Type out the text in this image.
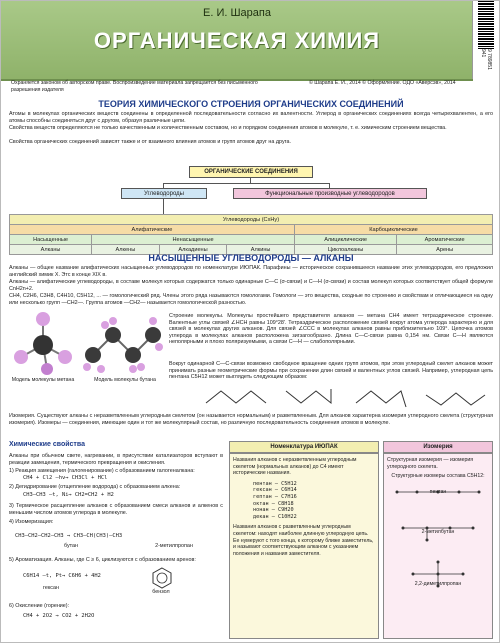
Е. И. Шарапа
ОРГАНИЧЕСКАЯ ХИМИЯ
9 789851 941
Охраняется законом об авторском праве. Воспроизведение материала запрещается без письменного разрешения издателя
© Шарапа Е. И., 2014 © Оформление. ОДО «Аверсэв», 2014
ТЕОРИЯ ХИМИЧЕСКОГО СТРОЕНИЯ ОРГАНИЧЕСКИХ СОЕДИНЕНИЙ
Атомы в молекулах органических веществ соединены в определенной последовательности согласно их валентности. Углерод в органических соединениях всегда четырехвалентен, а его атомы способны соединяться друг с другом, образуя различные цепи.
Свойства веществ определяются не только качественным и количественным составом, но и порядком соединения атомов в молекуле, т. е. химическим строением вещества.
Свойства органических соединений зависят также и от взаимного влияния атомов и групп атомов друг на друга.
ОРГАНИЧЕСКИЕ СОЕДИНЕНИЯ
Углеводороды	Функциональные производные углеводородов
Углеводороды (CxHy)					
Алифатические				Карбоциклические	
Насыщенные	Ненасыщенные			Алициклические	Ароматические
Алканы	Алкены	Алкадиены	Алкины	Циклоалканы	Арены
НАСЫЩЕННЫЕ УГЛЕВОДОРОДЫ — АЛКАНЫ
Алканы — общее название алифатических насыщенных углеводородов по номенклатуре ИЮПАК. Парафины — историческое сохранившееся название этих углеводородов, его предложил английский химик Х. Этс в конце XIX в.
Алканы — алифатические углеводороды, в составе молекул которых содержатся только одинарные C—C (σ-связи) и C—H (σ-связи) и состав молекул которых соответствует общей формуле CnH2n+2.
CH4, C2H6, C3H8, C4H10, C5H12, ... — гомологический ряд. Члены этого ряда называются гомологами. Гомологи — это вещества, сходные по строению и свойствам и отличающиеся на одну или несколько групп —CH2—. Группа атомов —CH2— называется гомологической разностью.
Модель молекулы метана	Модель молекулы бутана
Строение молекулы. Молекулы простейшего представителя алканов — метана CH4 имеет тетраэдрическое строение. Валентные углы связей ∠HCH равны 109°28'. Тетраэдрическое расположение связей вокруг атома углерода характерно и для связей в молекулах других алканов. Для связей ∠CCC в молекулах алканов равны приблизительно 109°. Цепочка атомов углерода в молекулах алканов расположена зигзагообразно. Длина C—C-связи равна 0,154 нм. Связи C—H являются неполярными и плохо поляризуемыми, а связи C—H — слабополярными.
Вокруг одинарной C—C-связи возможно свободное вращение одних групп атомов, при этом углеродный скелет алканов может принимать разные геометрические формы при сохранении длин связей и валентных углов связей. Например, углеродная цепь пентана C5H12 может выглядеть следующим образом:
Изомерия. Существуют алканы с неразветвленным углеродным скелетом (он называется нормальным) и разветвленным. Для алканов характерна изомерия углеродного скелета (структурная изомерия). Изомеры — соединения, имеющие один и тот же молекулярный состав, но различную последовательность соединения атомов в молекуле.
Химические свойства
Алканы при обычном свете, нагревании, в присутствии катализаторов вступают в реакции замещения, термического превращения и окисления.
1) Реакция замещения (галогенирование) с образованием галогеналкана:
CH4 + Cl2 —hν→ CH3Cl + HCl
2) Дегидрирование (отщепление водорода) с образованием алкена:
CH3—CH3 —t, Ni→ CH2=CH2 + H2
3) Термическое расщепление алканов с образованием смеси алканов и алкенов с меньшим числом атомов углерода в молекуле.
4) Изомеризация:
CH3—CH2—CH2—CH3 → CH3—CH(CH3)—CH3
бутан	2-метилпропан
5) Ароматизация. Алканы, где C ≥ 6, циклизуются с образованием аренов:
C6H14 —t, Pt→ C6H6 + 4H2
гексан
бензол
6) Окисление (горение):
CH4 + 2O2 → CO2 + 2H2O
Номенклатура ИЮПАК
Названия алканов с неразветвленным углеродным скелетом (нормальных алканов) до C4 имеют исторические названия.
пентан — C5H12
гексан — C6H14
гептан — C7H16
октан — C8H18
нонан — C9H20
декан — C10H22
Названия алканов с разветвленным углеродным скелетом: находят наиболее длинную углеродную цепь. Ее нумеруют с того конца, к которому ближе заместитель, и называют соответствующим алканом с указанием положения и названия заместителя.
Изомерия
Структурная изомерия — изомерия углеродного скелета.
Структурные изомеры состава C5H12:
пентан
2-метилбутан
2,2-диметилпропан
